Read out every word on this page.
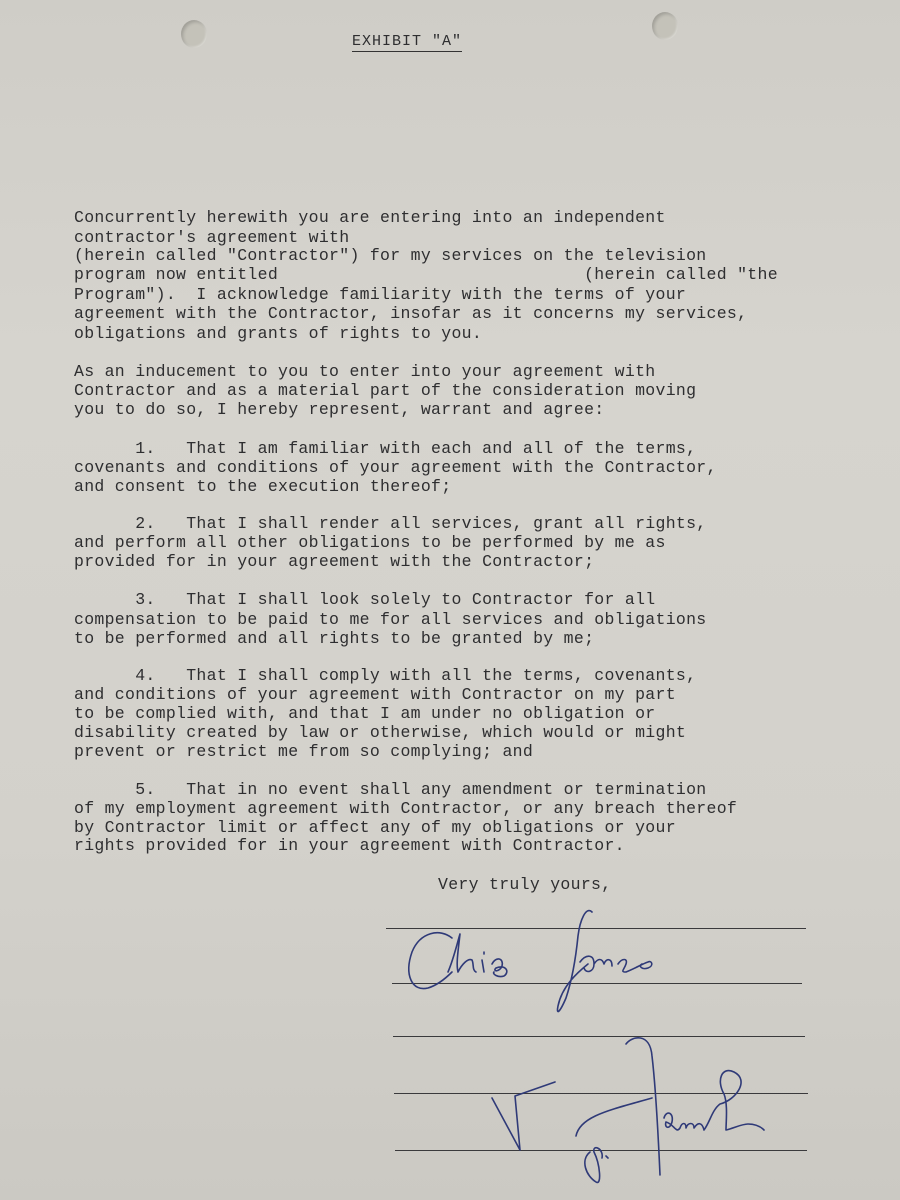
EXHIBIT "A"
Concurrently herewith you are entering into an independent
contractor's agreement with
(herein called "Contractor") for my services on the television
program now entitled                              (herein called "the
Program").  I acknowledge familiarity with the terms of your
agreement with the Contractor, insofar as it concerns my services,
obligations and grants of rights to you.
As an inducement to you to enter into your agreement with
Contractor and as a material part of the consideration moving
you to do so, I hereby represent, warrant and agree:
1.   That I am familiar with each and all of the terms,
covenants and conditions of your agreement with the Contractor,
and consent to the execution thereof;
2.   That I shall render all services, grant all rights,
and perform all other obligations to be performed by me as
provided for in your agreement with the Contractor;
3.   That I shall look solely to Contractor for all
compensation to be paid to me for all services and obligations
to be performed and all rights to be granted by me;
4.   That I shall comply with all the terms, covenants,
and conditions of your agreement with Contractor on my part
to be complied with, and that I am under no obligation or
disability created by law or otherwise, which would or might
prevent or restrict me from so complying; and
5.   That in no event shall any amendment or termination
of my employment agreement with Contractor, or any breach thereof
by Contractor limit or affect any of my obligations or your
rights provided for in your agreement with Contractor.
Very truly yours,
